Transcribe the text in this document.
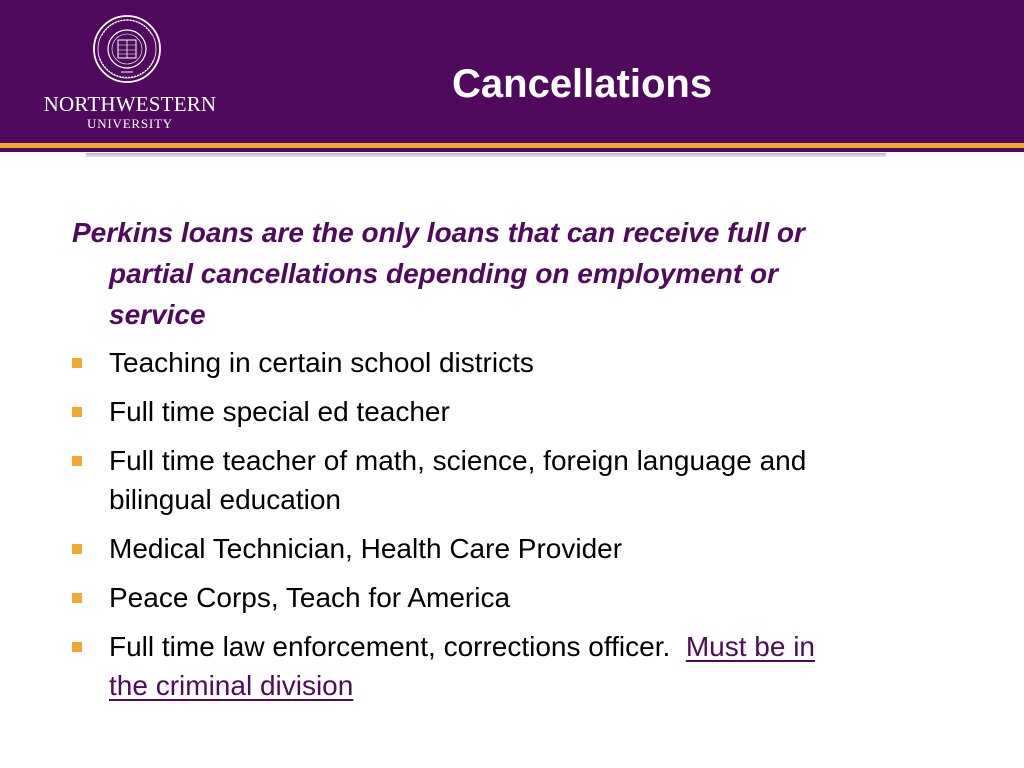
NORTHWESTERN
UNIVERSITY
Cancellations

Perkins loans are the only loans that can receive full or
partial cancellations depending on employment or
service

Teaching in certain school districts
Full time special ed teacher
Full time teacher of math, science, foreign language and
bilingual education
Medical Technician, Health Care Provider
Peace Corps, Teach for America
Full time law enforcement, corrections officer. Must be in
the criminal division
